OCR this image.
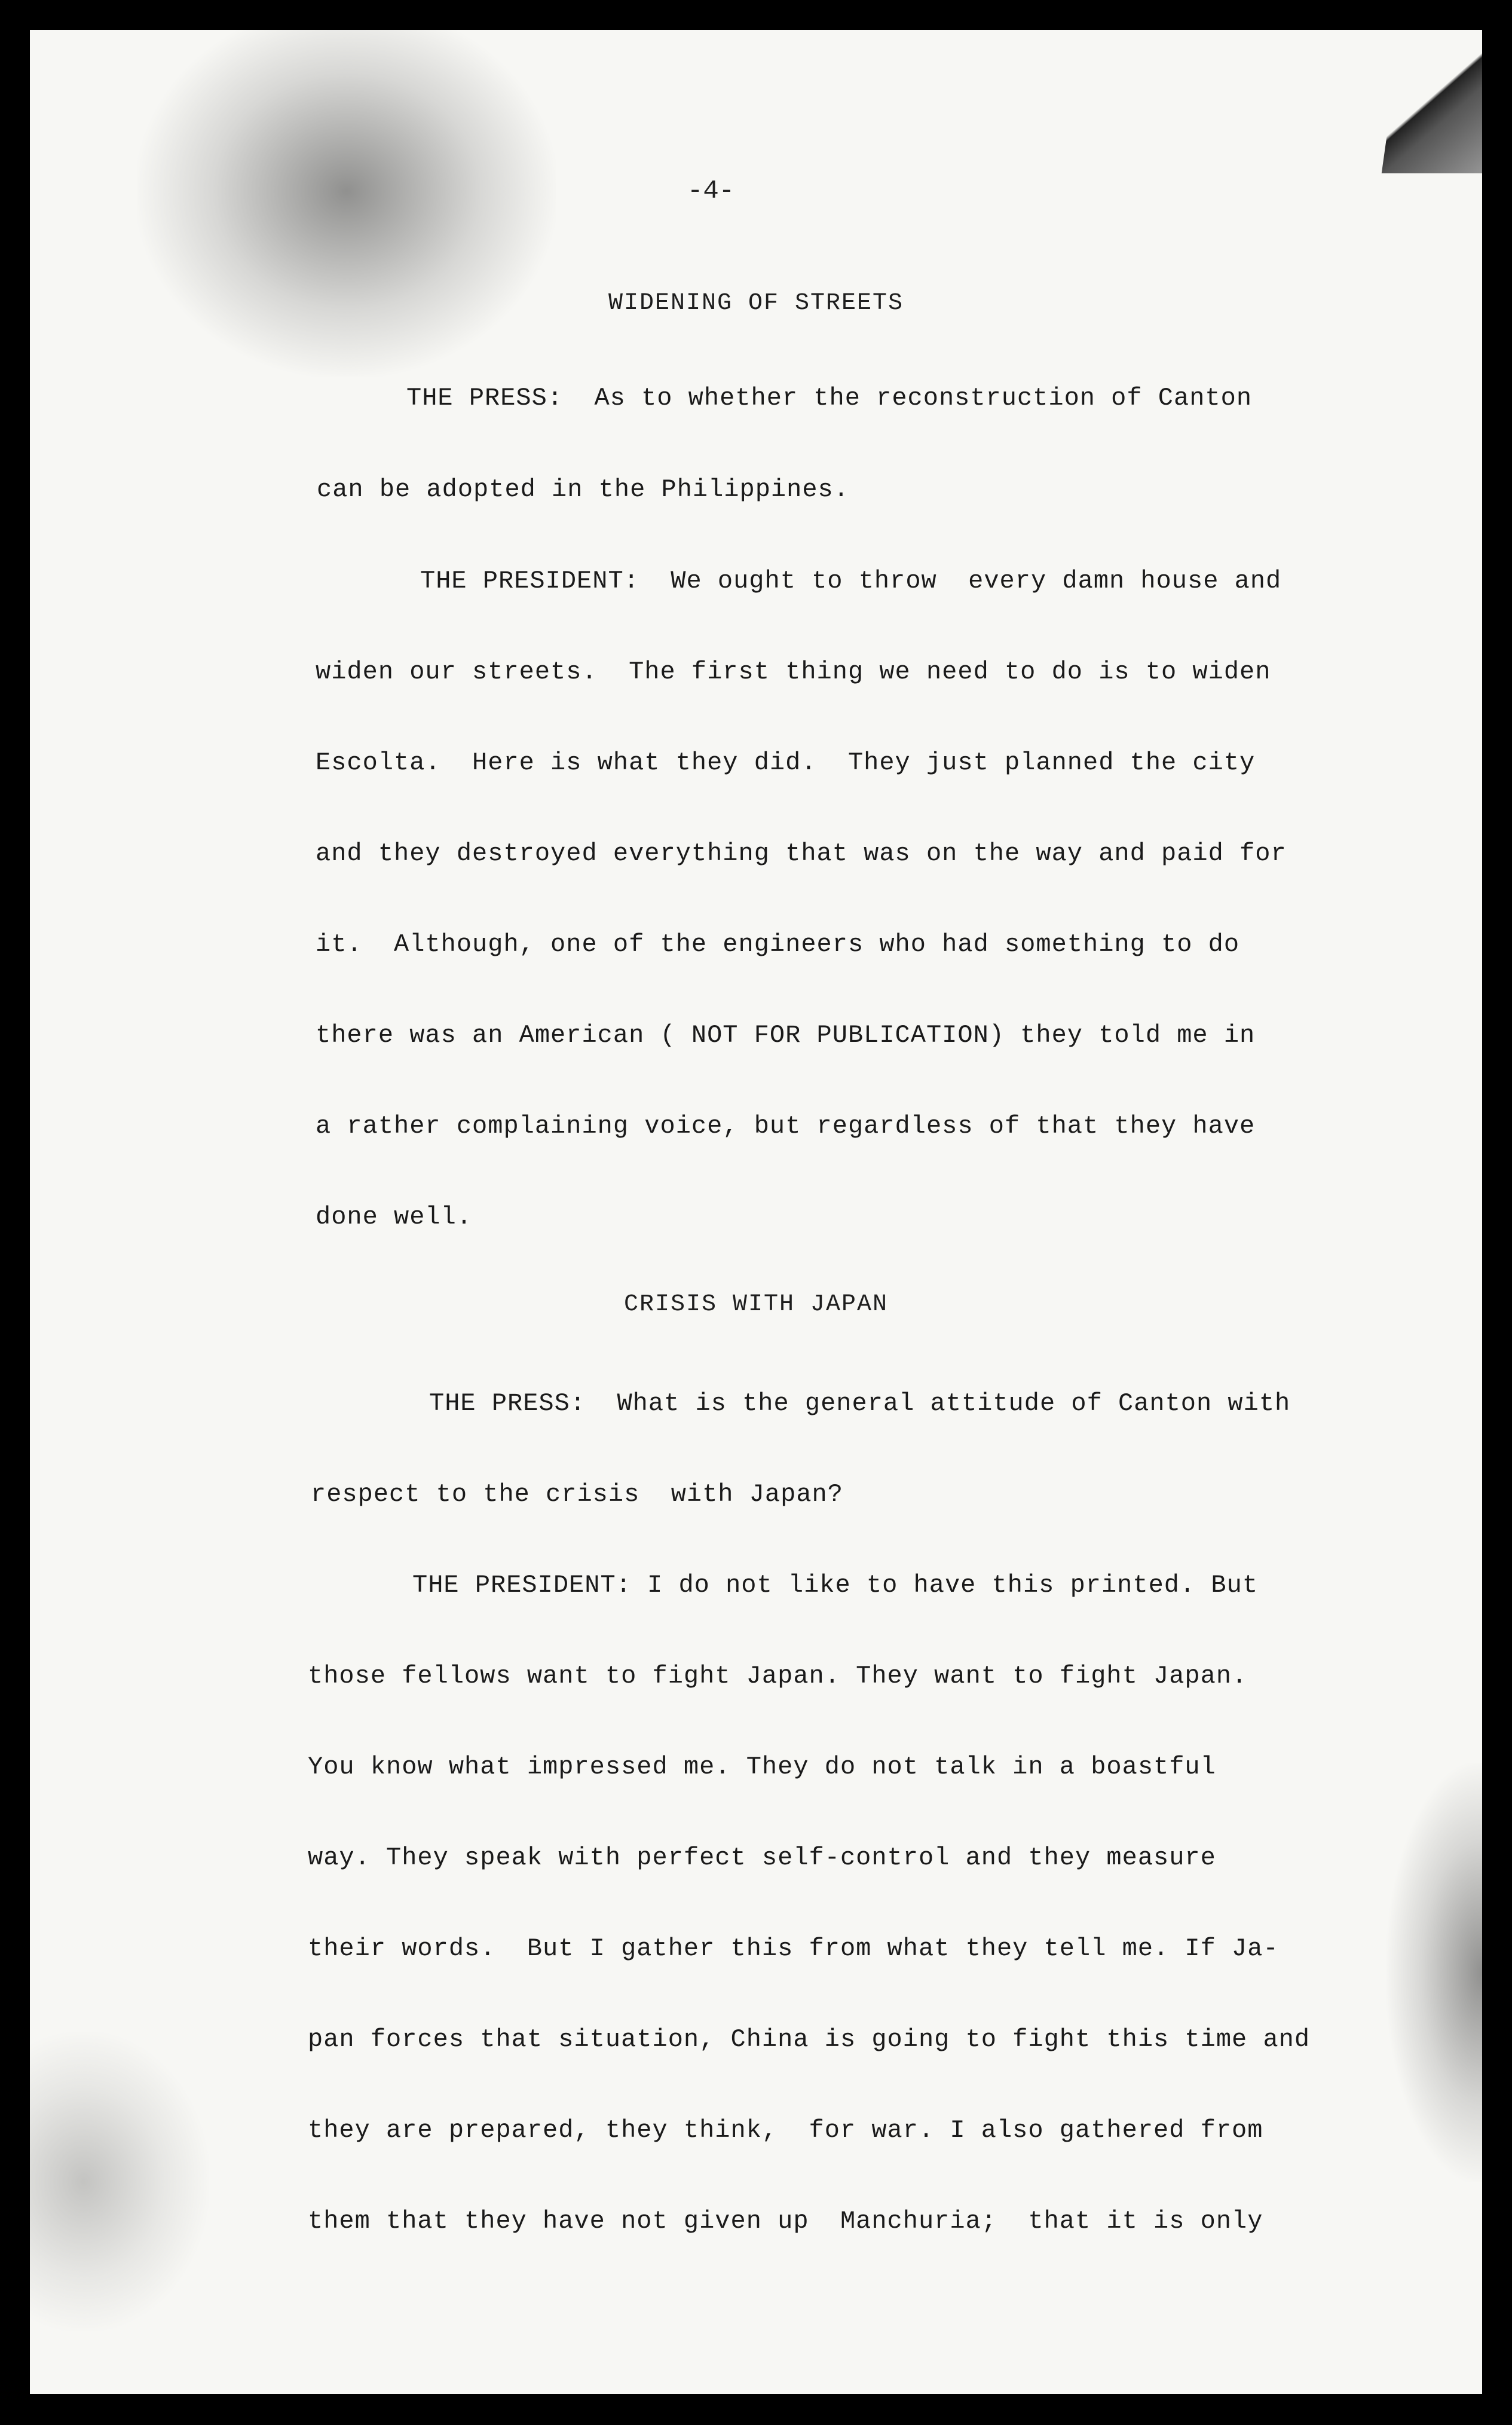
-4-
WIDENING OF STREETS
THE PRESS:  As to whether the reconstruction of Canton
can be adopted in the Philippines.
THE PRESIDENT:  We ought to throw  every damn house and
widen our streets.  The first thing we need to do is to widen
Escolta.  Here is what they did.  They just planned the city
and they destroyed everything that was on the way and paid for
it.  Although, one of the engineers who had something to do
there was an American ( NOT FOR PUBLICATION) they told me in
a rather complaining voice, but regardless of that they have
done well.
CRISIS WITH JAPAN
THE PRESS:  What is the general attitude of Canton with
respect to the crisis  with Japan?
THE PRESIDENT: I do not like to have this printed. But
those fellows want to fight Japan. They want to fight Japan.
You know what impressed me. They do not talk in a boastful
way. They speak with perfect self-control and they measure
their words.  But I gather this from what they tell me. If Ja-
pan forces that situation, China is going to fight this time and
they are prepared, they think,  for war. I also gathered from
them that they have not given up  Manchuria;  that it is only
